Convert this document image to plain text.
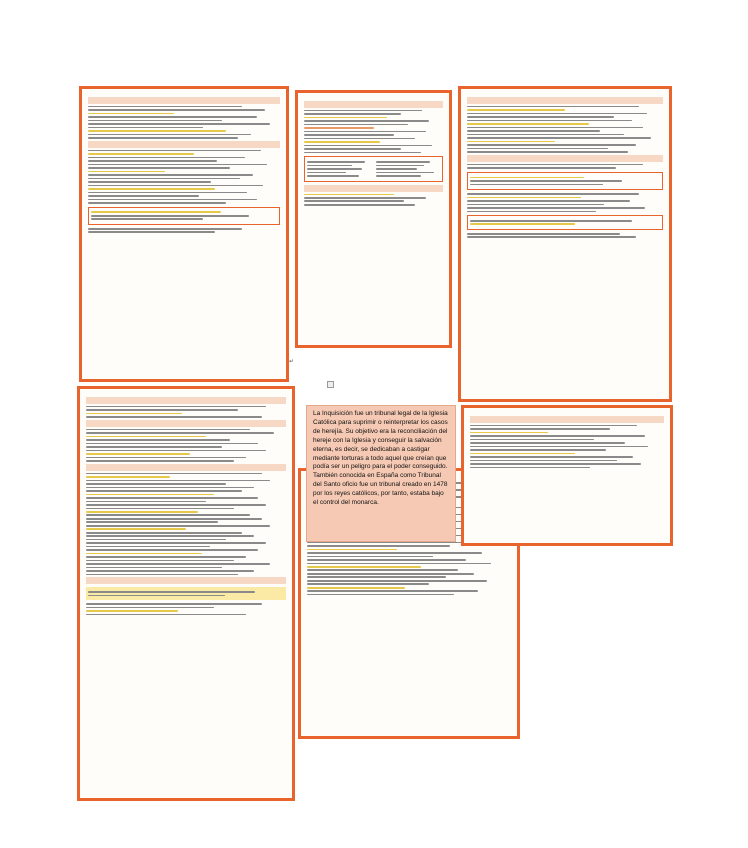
↵
La Inquisición fue un tribunal legal de la Iglesia Católica para suprimir o reinterpretar los casos de herejía. Su objetivo era la reconciliación del hereje con la Iglesia y conseguir la salvación eterna, es decir, se dedicaban a castigar mediante torturas a todo aquel que creían que podía ser un peligro para el poder conseguido. También conocida en España como Tribunal del Santo oficio fue un tribunal creado en 1478 por los reyes católicos, por tanto, estaba bajo el control del monarca.
